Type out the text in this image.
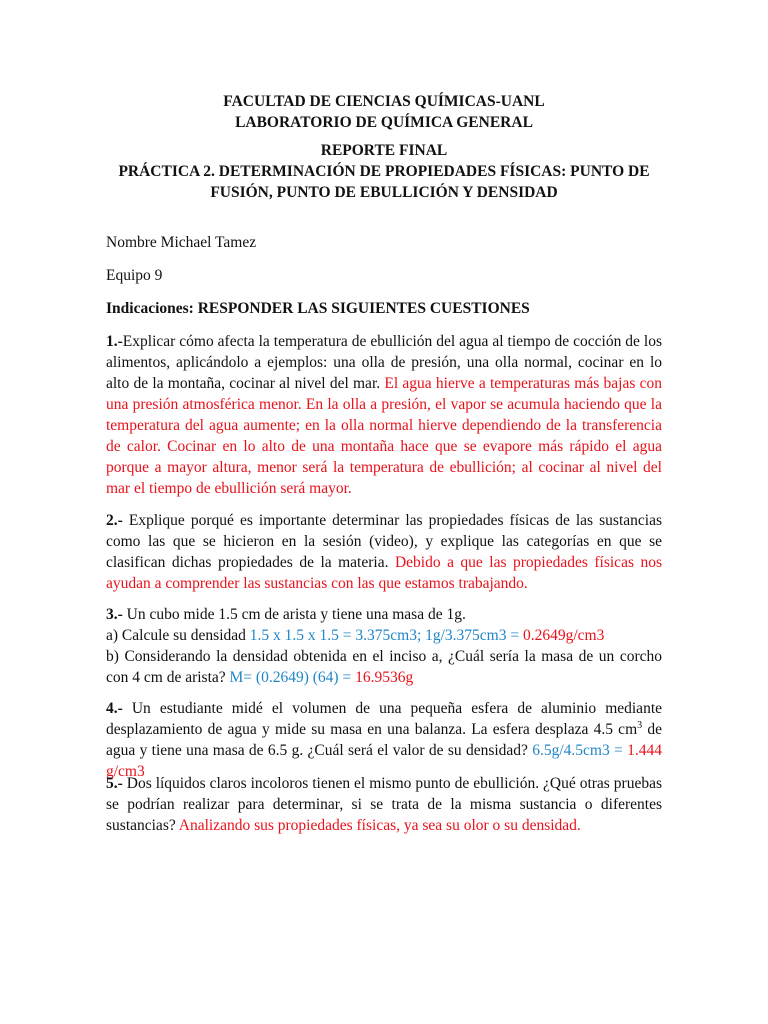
FACULTAD DE CIENCIAS QUÍMICAS-UANL
LABORATORIO DE QUÍMICA GENERAL
REPORTE FINAL
PRÁCTICA 2. DETERMINACIÓN DE PROPIEDADES FÍSICAS: PUNTO DE
FUSIÓN, PUNTO DE EBULLICIÓN Y DENSIDAD

Nombre Michael Tamez

Equipo 9

Indicaciones: RESPONDER LAS SIGUIENTES CUESTIONES

1.-Explicar cómo afecta la temperatura de ebullición del agua al tiempo de cocción de los alimentos, aplicándolo a ejemplos: una olla de presión, una olla normal, cocinar en lo alto de la montaña, cocinar al nivel del mar. El agua hierve a temperaturas más bajas con una presión atmosférica menor. En la olla a presión, el vapor se acumula haciendo que la temperatura del agua aumente; en la olla normal hierve dependiendo de la transferencia de calor. Cocinar en lo alto de una montaña hace que se evapore más rápido el agua porque a mayor altura, menor será la temperatura de ebullición; al cocinar al nivel del mar el tiempo de ebullición será mayor.

2.- Explique porqué es importante determinar las propiedades físicas de las sustancias como las que se hicieron en la sesión (video), y explique las categorías en que se clasifican dichas propiedades de la materia. Debido a que las propiedades físicas nos ayudan a comprender las sustancias con las que estamos trabajando.

3.- Un cubo mide 1.5 cm de arista y tiene una masa de 1g.

a) Calcule su densidad 1.5 x 1.5 x 1.5 = 3.375cm3; 1g/3.375cm3 = 0.2649g/cm3

b) Considerando la densidad obtenida en el inciso a, ¿Cuál sería la masa de un corcho con 4 cm de arista? M= (0.2649) (64) = 16.9536g

4.- Un estudiante midé el volumen de una pequeña esfera de aluminio mediante desplazamiento de agua y mide su masa en una balanza. La esfera desplaza 4.5 $cm^3$ de agua y tiene una masa de 6.5 g. ¿Cuál será el valor de su densidad? 6.5g/4.5cm3 = 1.444 g/cm3

5.- Dos líquidos claros incoloros tienen el mismo punto de ebullición. ¿Qué otras pruebas se podrían realizar para determinar, si se trata de la misma sustancia o diferentes sustancias? Analizando sus propiedades físicas, ya sea su olor o su densidad.
